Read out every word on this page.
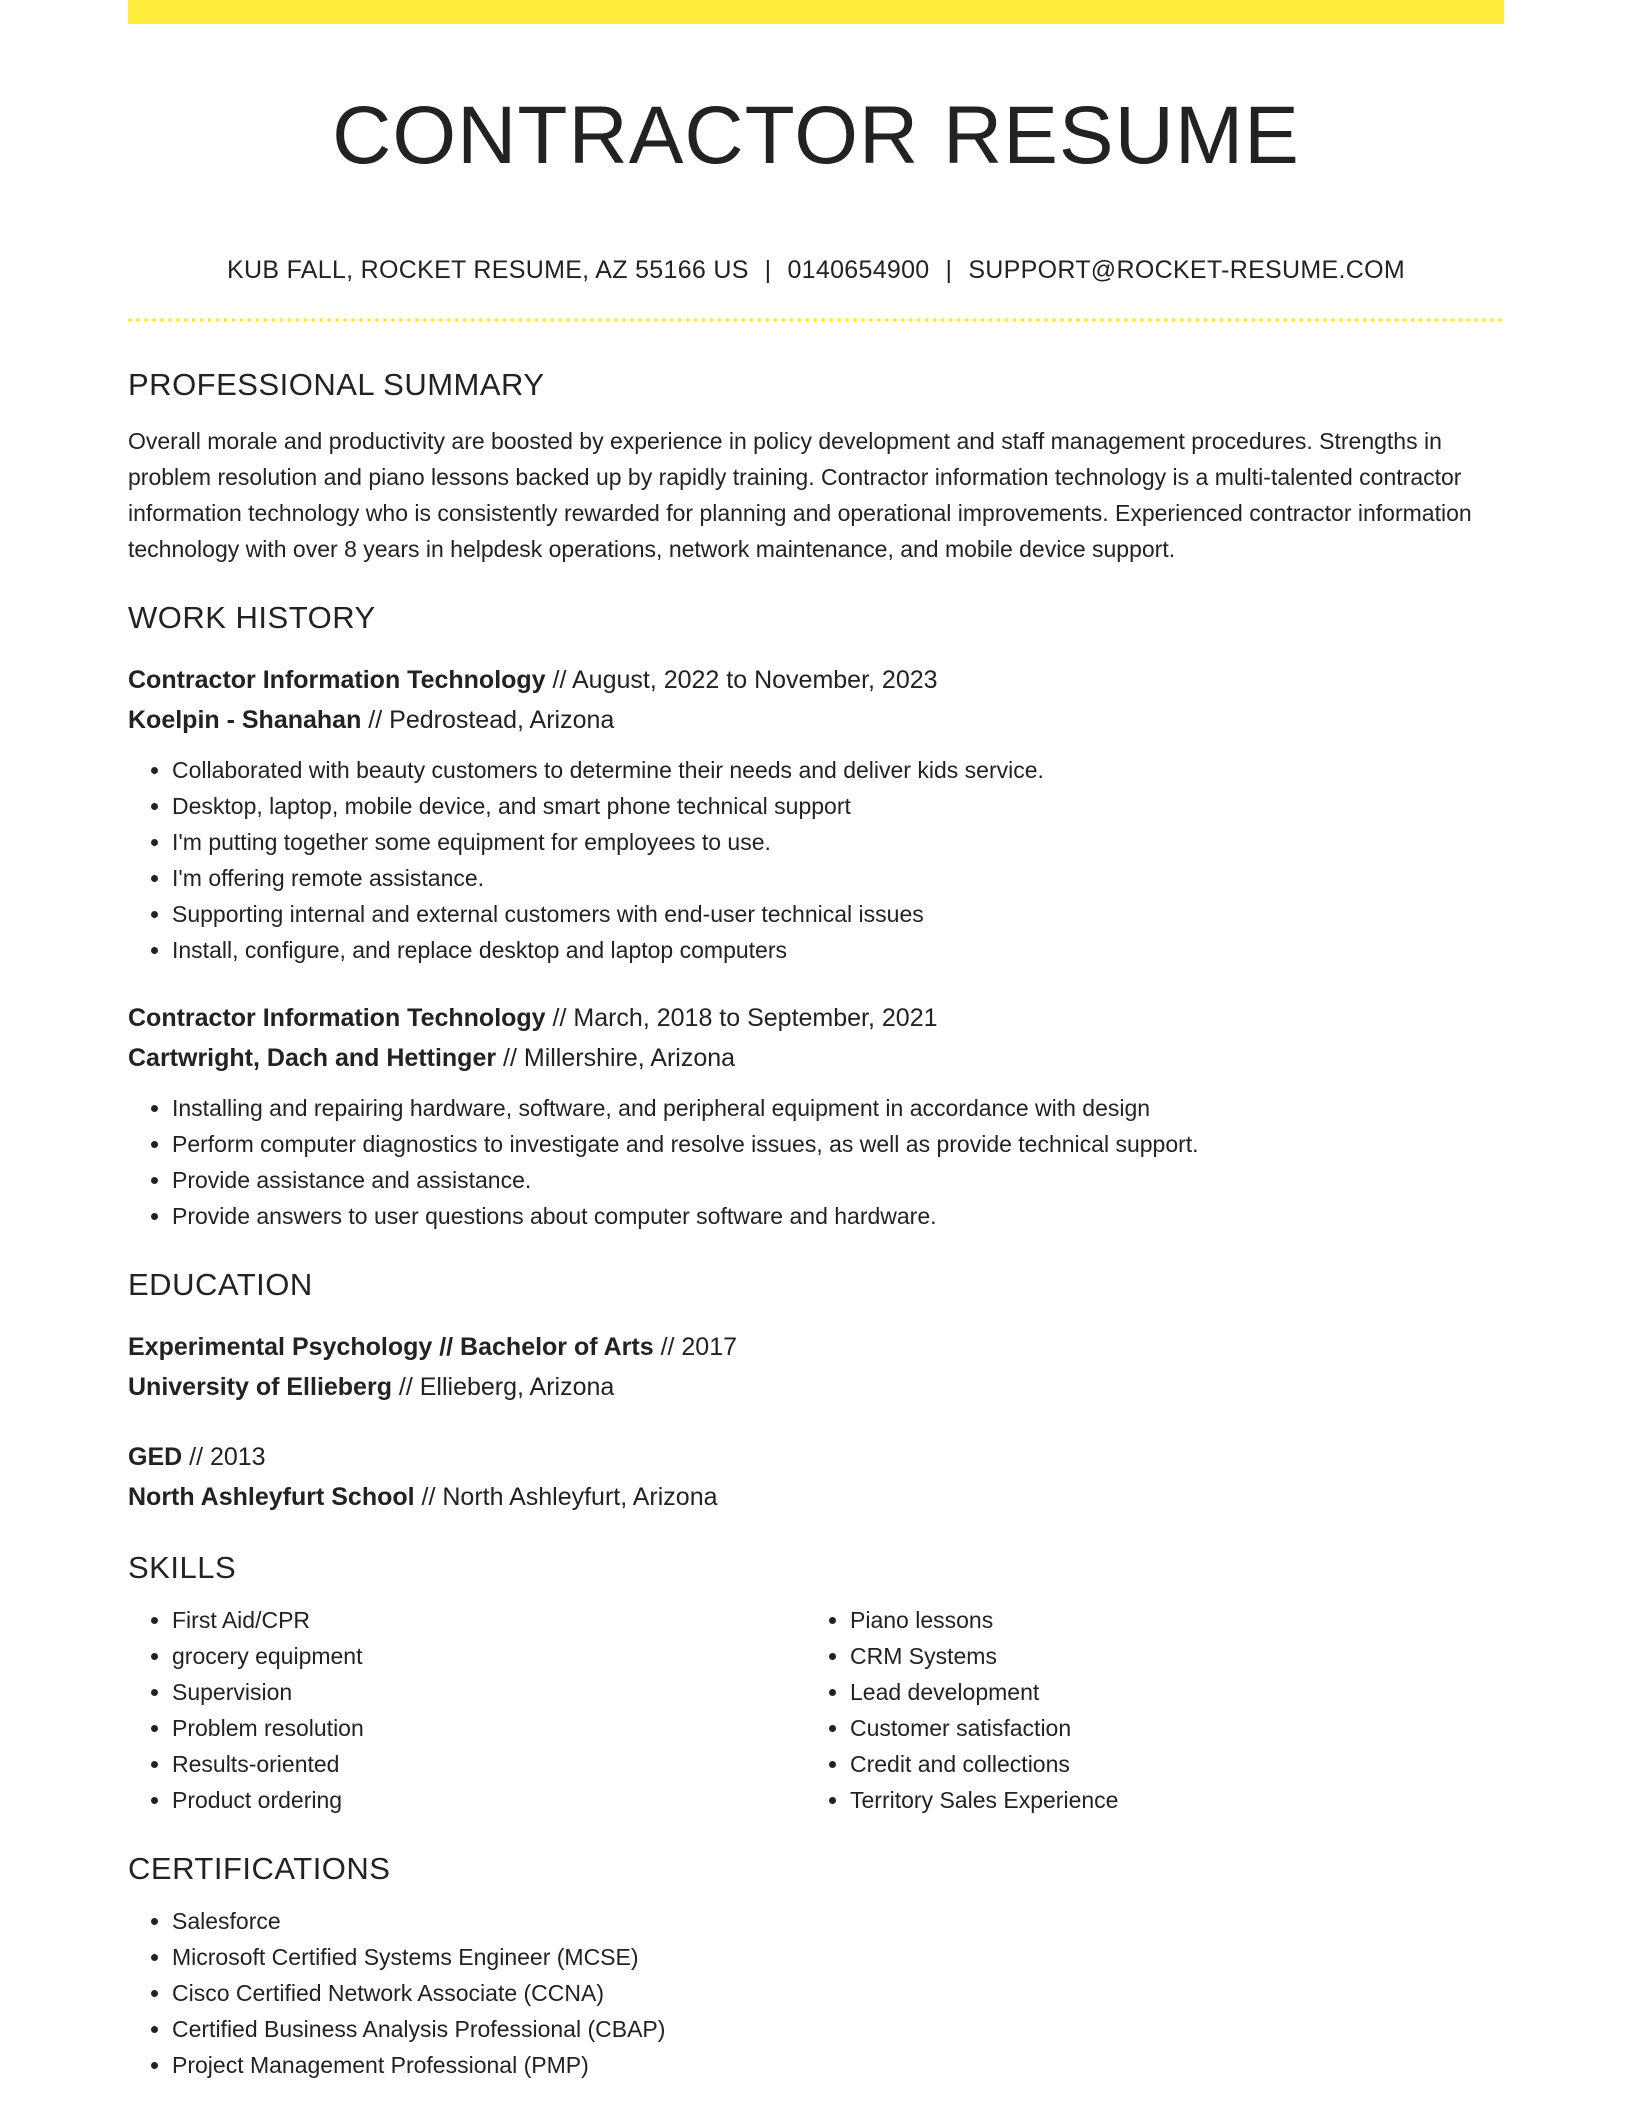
CONTRACTOR RESUME
KUB FALL, ROCKET RESUME, AZ 55166 US | 0140654900 | SUPPORT@ROCKET-RESUME.COM
PROFESSIONAL SUMMARY
Overall morale and productivity are boosted by experience in policy development and staff management procedures. Strengths in problem resolution and piano lessons backed up by rapidly training. Contractor information technology is a multi-talented contractor information technology who is consistently rewarded for planning and operational improvements. Experienced contractor information technology with over 8 years in helpdesk operations, network maintenance, and mobile device support.
WORK HISTORY
Contractor Information Technology // August, 2022 to November, 2023
Koelpin - Shanahan // Pedrostead, Arizona
• Collaborated with beauty customers to determine their needs and deliver kids service.
• Desktop, laptop, mobile device, and smart phone technical support
• I'm putting together some equipment for employees to use.
• I'm offering remote assistance.
• Supporting internal and external customers with end-user technical issues
• Install, configure, and replace desktop and laptop computers
Contractor Information Technology // March, 2018 to September, 2021
Cartwright, Dach and Hettinger // Millershire, Arizona
• Installing and repairing hardware, software, and peripheral equipment in accordance with design
• Perform computer diagnostics to investigate and resolve issues, as well as provide technical support.
• Provide assistance and assistance.
• Provide answers to user questions about computer software and hardware.
EDUCATION
Experimental Psychology // Bachelor of Arts // 2017
University of Ellieberg // Ellieberg, Arizona
GED // 2013
North Ashleyfurt School // North Ashleyfurt, Arizona
SKILLS
• First Aid/CPR
• grocery equipment
• Supervision
• Problem resolution
• Results-oriented
• Product ordering
• Piano lessons
• CRM Systems
• Lead development
• Customer satisfaction
• Credit and collections
• Territory Sales Experience
CERTIFICATIONS
• Salesforce
• Microsoft Certified Systems Engineer (MCSE)
• Cisco Certified Network Associate (CCNA)
• Certified Business Analysis Professional (CBAP)
• Project Management Professional (PMP)
